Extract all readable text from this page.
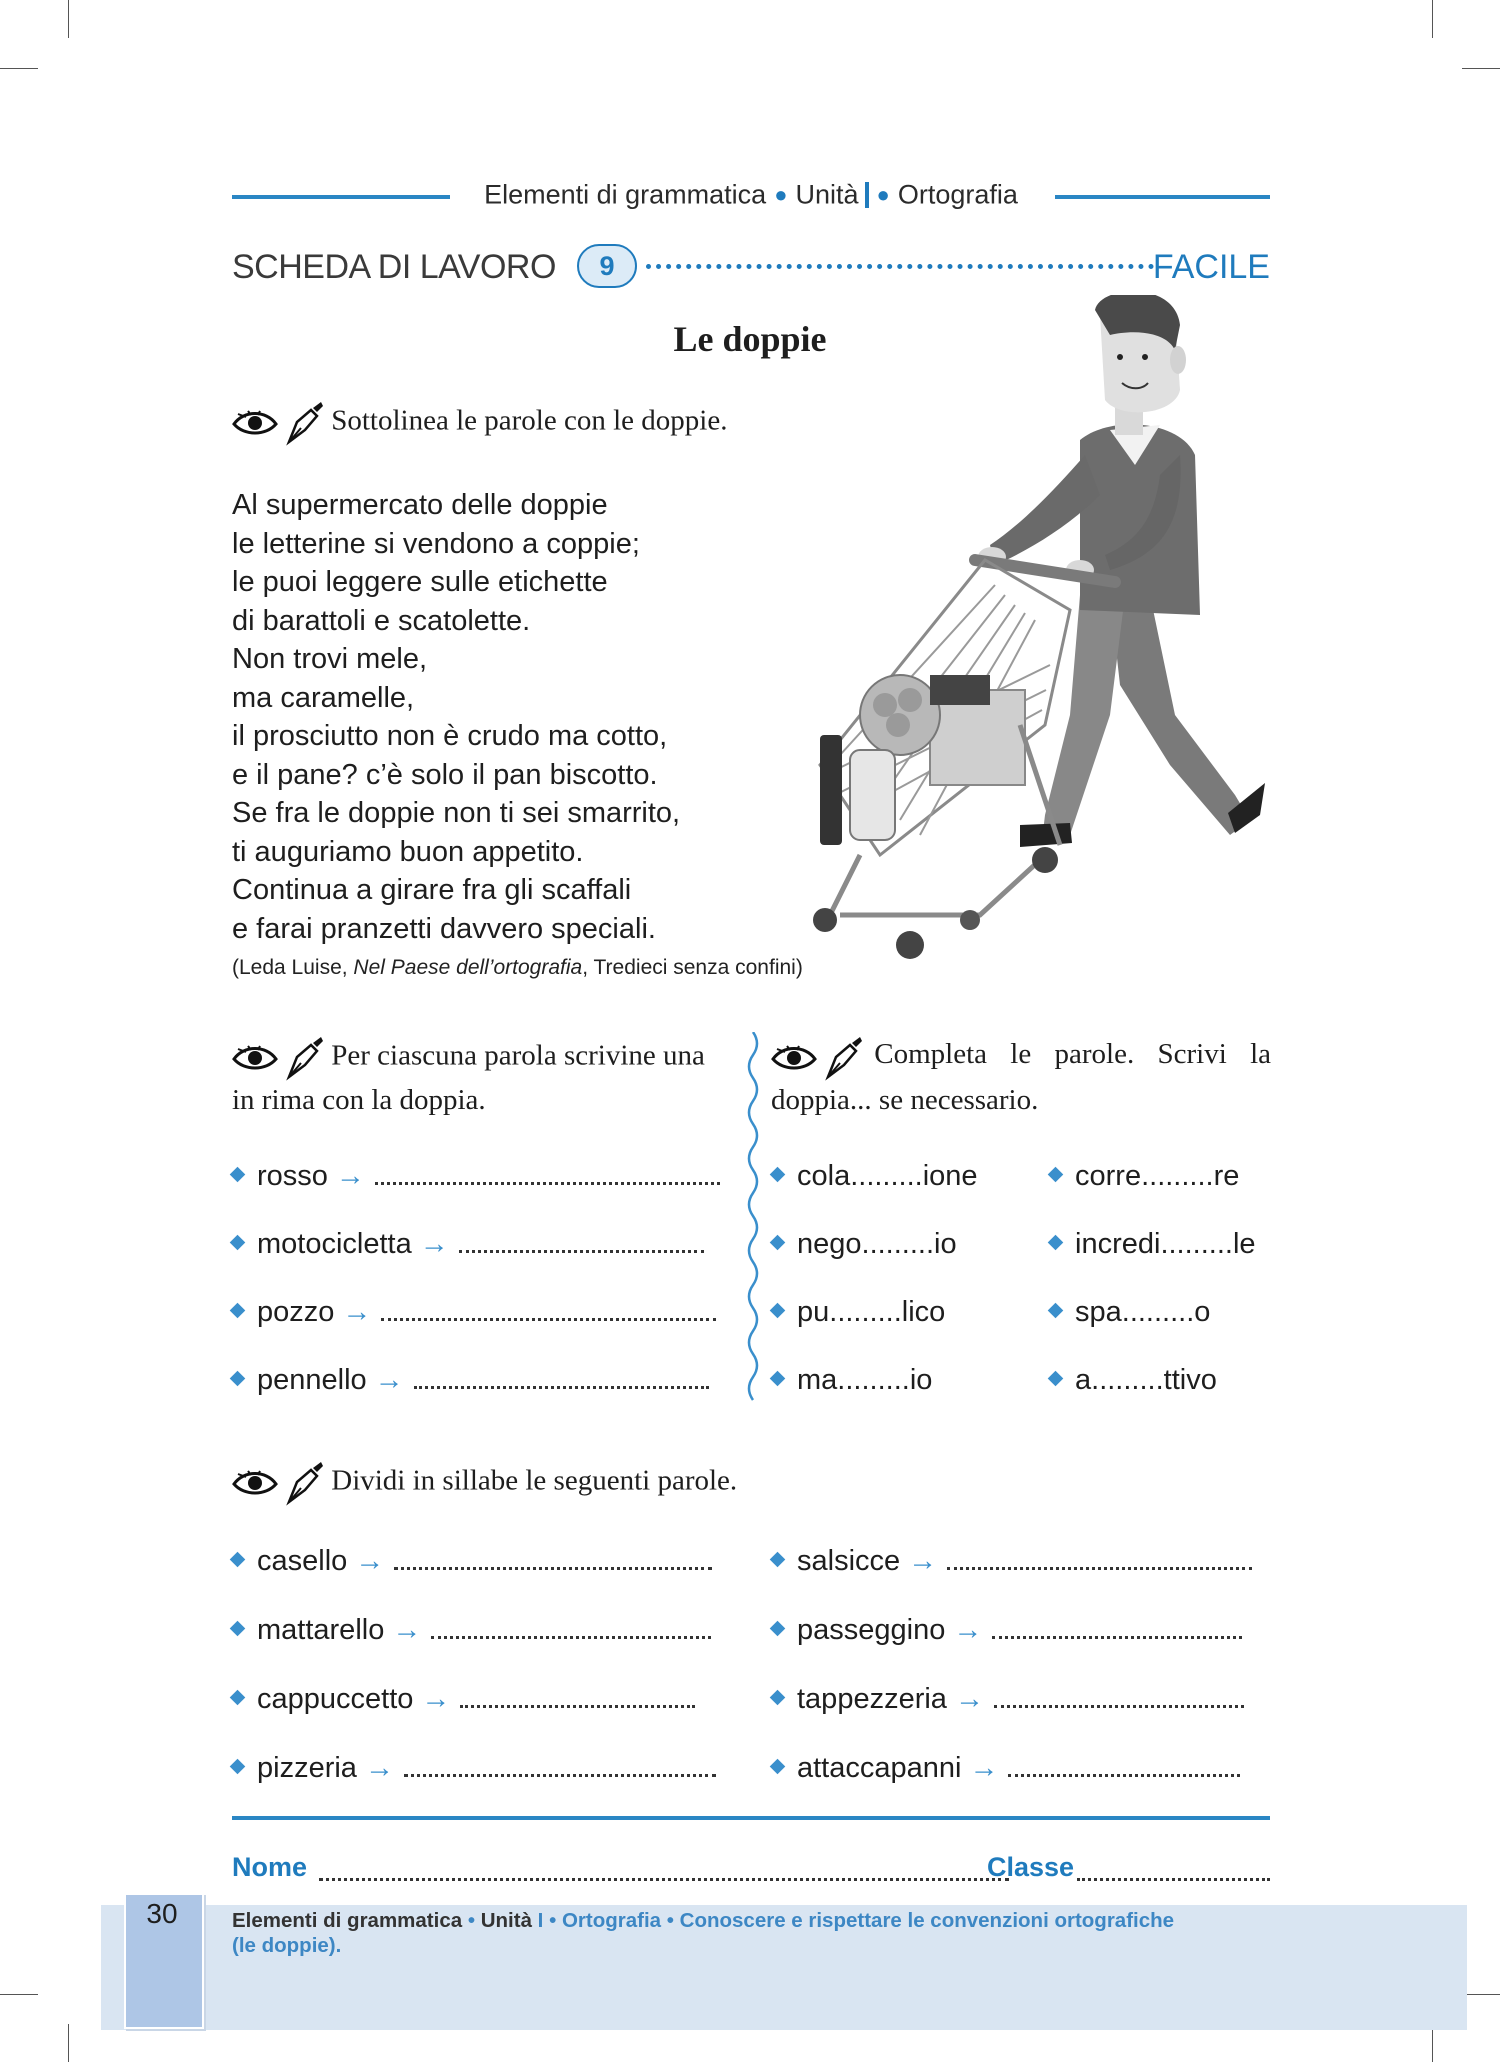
Elementi di grammatica ● Unità ● Ortografia
SCHEDA DI LAVORO	9	FACILE
Le doppie
Sottolinea le parole con le doppie.
Al supermercato delle doppie
le letterine si vendono a coppie;
le puoi leggere sulle etichette
di barattoli e scatolette.
Non trovi mele,
ma caramelle,
il prosciutto non è crudo ma cotto,
e il pane? c’è solo il pan biscotto.
Se fra le doppie non ti sei smarrito,
ti auguriamo buon appetito.
Continua a girare fra gli scaffali
e farai pranzetti davvero speciali.
(Leda Luise, Nel Paese dell’ortografia, Tredieci senza confini)
Per ciascuna parola scrivine una
in rima con la doppia.
rosso →
motocicletta →
pozzo →
pennello →

Completa le parole. Scrivi la
doppia... se necessario.
cola.........ione
nego.........io
pu.........lico
ma.........io
corre.........re
incredi.........le
spa.........o
a.........ttivo
Dividi in sillabe le seguenti parole.
casello →
mattarello →
cappuccetto →
pizzeria →
salsicce →
passeggino →
tappezzeria →
attaccapanni →
Nome	Classe
30	Elementi di grammatica • Unità I • Ortografia • Conoscere e rispettare le convenzioni ortografiche
(le doppie).
